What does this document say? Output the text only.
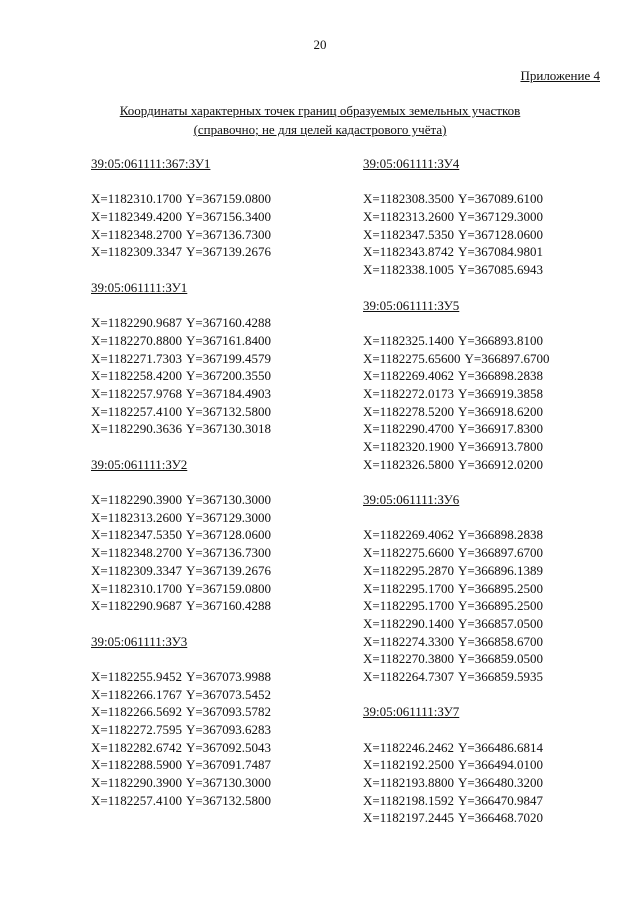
20
Приложение 4
Координаты характерных точек границ образуемых земельных участков
(справочно; не для целей кадастрового учёта)
39:05:061111:367:ЗУ1
X=1182310.1700 Y=367159.0800
X=1182349.4200 Y=367156.3400
X=1182348.2700 Y=367136.7300
X=1182309.3347 Y=367139.2676
39:05:061111:ЗУ1
X=1182290.9687 Y=367160.4288
X=1182270.8800 Y=367161.8400
X=1182271.7303 Y=367199.4579
X=1182258.4200 Y=367200.3550
X=1182257.9768 Y=367184.4903
X=1182257.4100 Y=367132.5800
X=1182290.3636 Y=367130.3018
39:05:061111:ЗУ2
X=1182290.3900 Y=367130.3000
X=1182313.2600 Y=367129.3000
X=1182347.5350 Y=367128.0600
X=1182348.2700 Y=367136.7300
X=1182309.3347 Y=367139.2676
X=1182310.1700 Y=367159.0800
X=1182290.9687 Y=367160.4288
39:05:061111:ЗУ3
X=1182255.9452 Y=367073.9988
X=1182266.1767 Y=367073.5452
X=1182266.5692 Y=367093.5782
X=1182272.7595 Y=367093.6283
X=1182282.6742 Y=367092.5043
X=1182288.5900 Y=367091.7487
X=1182290.3900 Y=367130.3000
X=1182257.4100 Y=367132.5800
39:05:061111:ЗУ4
X=1182308.3500 Y=367089.6100
X=1182313.2600 Y=367129.3000
X=1182347.5350 Y=367128.0600
X=1182343.8742 Y=367084.9801
X=1182338.1005 Y=367085.6943
39:05:061111:ЗУ5
X=1182325.1400 Y=366893.8100
X=1182275.65600 Y=366897.6700
X=1182269.4062 Y=366898.2838
X=1182272.0173 Y=366919.3858
X=1182278.5200 Y=366918.6200
X=1182290.4700 Y=366917.8300
X=1182320.1900 Y=366913.7800
X=1182326.5800 Y=366912.0200
39:05:061111:ЗУ6
X=1182269.4062 Y=366898.2838
X=1182275.6600 Y=366897.6700
X=1182295.2870 Y=366896.1389
X=1182295.1700 Y=366895.2500
X=1182295.1700 Y=366895.2500
X=1182290.1400 Y=366857.0500
X=1182274.3300 Y=366858.6700
X=1182270.3800 Y=366859.0500
X=1182264.7307 Y=366859.5935
39:05:061111:ЗУ7
X=1182246.2462 Y=366486.6814
X=1182192.2500 Y=366494.0100
X=1182193.8800 Y=366480.3200
X=1182198.1592 Y=366470.9847
X=1182197.2445 Y=366468.7020
